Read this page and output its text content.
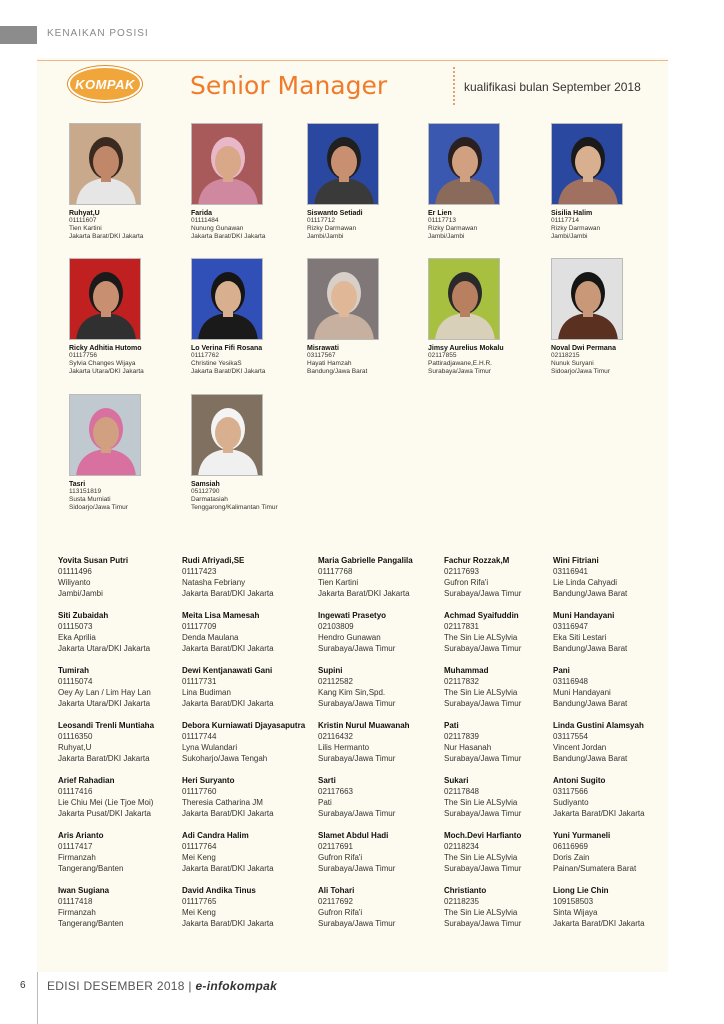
KENAIKAN POSISI
KOMPAK Senior Manager	kualifikasi bulan September 2018
Ruhyat,U
01111607
Tien Kartini
Jakarta Barat/DKI Jakarta
Farida
01111484
Nunung Gunawan
Jakarta Barat/DKI Jakarta
Siswanto Setiadi
01117712
Rizky Darmawan
Jambi/Jambi
Er Lien
01117713
Rizky Darmawan
Jambi/Jambi
Sisilia Halim
01117714
Rizky Darmawan
Jambi/Jambi
Ricky Adhitia Hutomo
01117756
Sylvia Changes Wijaya
Jakarta Utara/DKI Jakarta
Lo Verina Fifi Rosana
01117762
Christine YesikaS
Jakarta Barat/DKI Jakarta
Misrawati
03117567
Hayati Hamzah
Bandung/Jawa Barat
Jimsy Aurelius Mokalu
02117855
Pattiradjawane,E.H.R.
Surabaya/Jawa Timur
Noval Dwi Permana
02118215
Nunuk Suryani
Sidoarjo/Jawa Timur
Tasri
113151819
Susta Murniati
Sidoarjo/Jawa Timur
Samsiah
05112790
Darmatasiah
Tenggarong/Kalimantan Timur
Yovita Susan Putri
01111496
Wiliyanto
Jambi/Jambi
Rudi Afriyadi,SE
01117423
Natasha Febriany
Jakarta Barat/DKI Jakarta
Maria Gabrielle Pangalila
01117768
Tien Kartini
Jakarta Barat/DKI Jakarta
Fachur Rozzak,M
02117693
Gufron Rifa'i
Surabaya/Jawa Timur
Wini Fitriani
03116941
Lie Linda Cahyadi
Bandung/Jawa Barat
Siti Zubaidah
01115073
Eka Aprilia
Jakarta Utara/DKI Jakarta
Meita Lisa Mamesah
01117709
Denda Maulana
Jakarta Barat/DKI Jakarta
Ingewati Prasetyo
02103809
Hendro Gunawan
Surabaya/Jawa Timur
Achmad Syaifuddin
02117831
The Sin Lie ALSylvia
Surabaya/Jawa Timur
Muni Handayani
03116947
Eka Siti Lestari
Bandung/Jawa Barat
Tumirah
01115074
Oey Ay Lan / Lim Hay Lan
Jakarta Utara/DKI Jakarta
Dewi Kentjanawati Gani
01117731
Lina Budiman
Jakarta Barat/DKI Jakarta
Supini
02112582
Kang Kim Sin,Spd.
Surabaya/Jawa Timur
Muhammad
02117832
The Sin Lie ALSylvia
Surabaya/Jawa Timur
Pani
03116948
Muni Handayani
Bandung/Jawa Barat
Leosandi Trenli Muntiaha
01116350
Ruhyat,U
Jakarta Barat/DKI Jakarta
Debora Kurniawati Djayasaputra
01117744
Lyna Wulandari
Sukoharjo/Jawa Tengah
Kristin Nurul Muawanah
02116432
Lilis Hermanto
Surabaya/Jawa Timur
Pati
02117839
Nur Hasanah
Surabaya/Jawa Timur
Linda Gustini Alamsyah
03117554
Vincent Jordan
Bandung/Jawa Barat
Arief Rahadian
01117416
Lie Chiu Mei (Lie Tjoe Moi)
Jakarta Pusat/DKI Jakarta
Heri Suryanto
01117760
Theresia Catharina JM
Jakarta Barat/DKI Jakarta
Sarti
02117663
Pati
Surabaya/Jawa Timur
Sukari
02117848
The Sin Lie ALSylvia
Surabaya/Jawa Timur
Antoni Sugito
03117566
Sudiyanto
Jakarta Barat/DKI Jakarta
Aris Arianto
01117417
Firmanzah
Tangerang/Banten
Adi Candra Halim
01117764
Mei Keng
Jakarta Barat/DKI Jakarta
Slamet Abdul Hadi
02117691
Gufron Rifa'i
Surabaya/Jawa Timur
Moch.Devi Harfianto
02118234
The Sin Lie ALSylvia
Surabaya/Jawa Timur
Yuni Yurmaneli
06116969
Doris Zain
Painan/Sumatera Barat
Iwan Sugiana
01117418
Firmanzah
Tangerang/Banten
David Andika Tinus
01117765
Mei Keng
Jakarta Barat/DKI Jakarta
Ali Tohari
02117692
Gufron Rifa'i
Surabaya/Jawa Timur
Christianto
02118235
The Sin Lie ALSylvia
Surabaya/Jawa Timur
Liong Lie Chin
109158503
Sinta Wijaya
Jakarta Barat/DKI Jakarta
6 EDISI DESEMBER 2018 | e-infokompak
